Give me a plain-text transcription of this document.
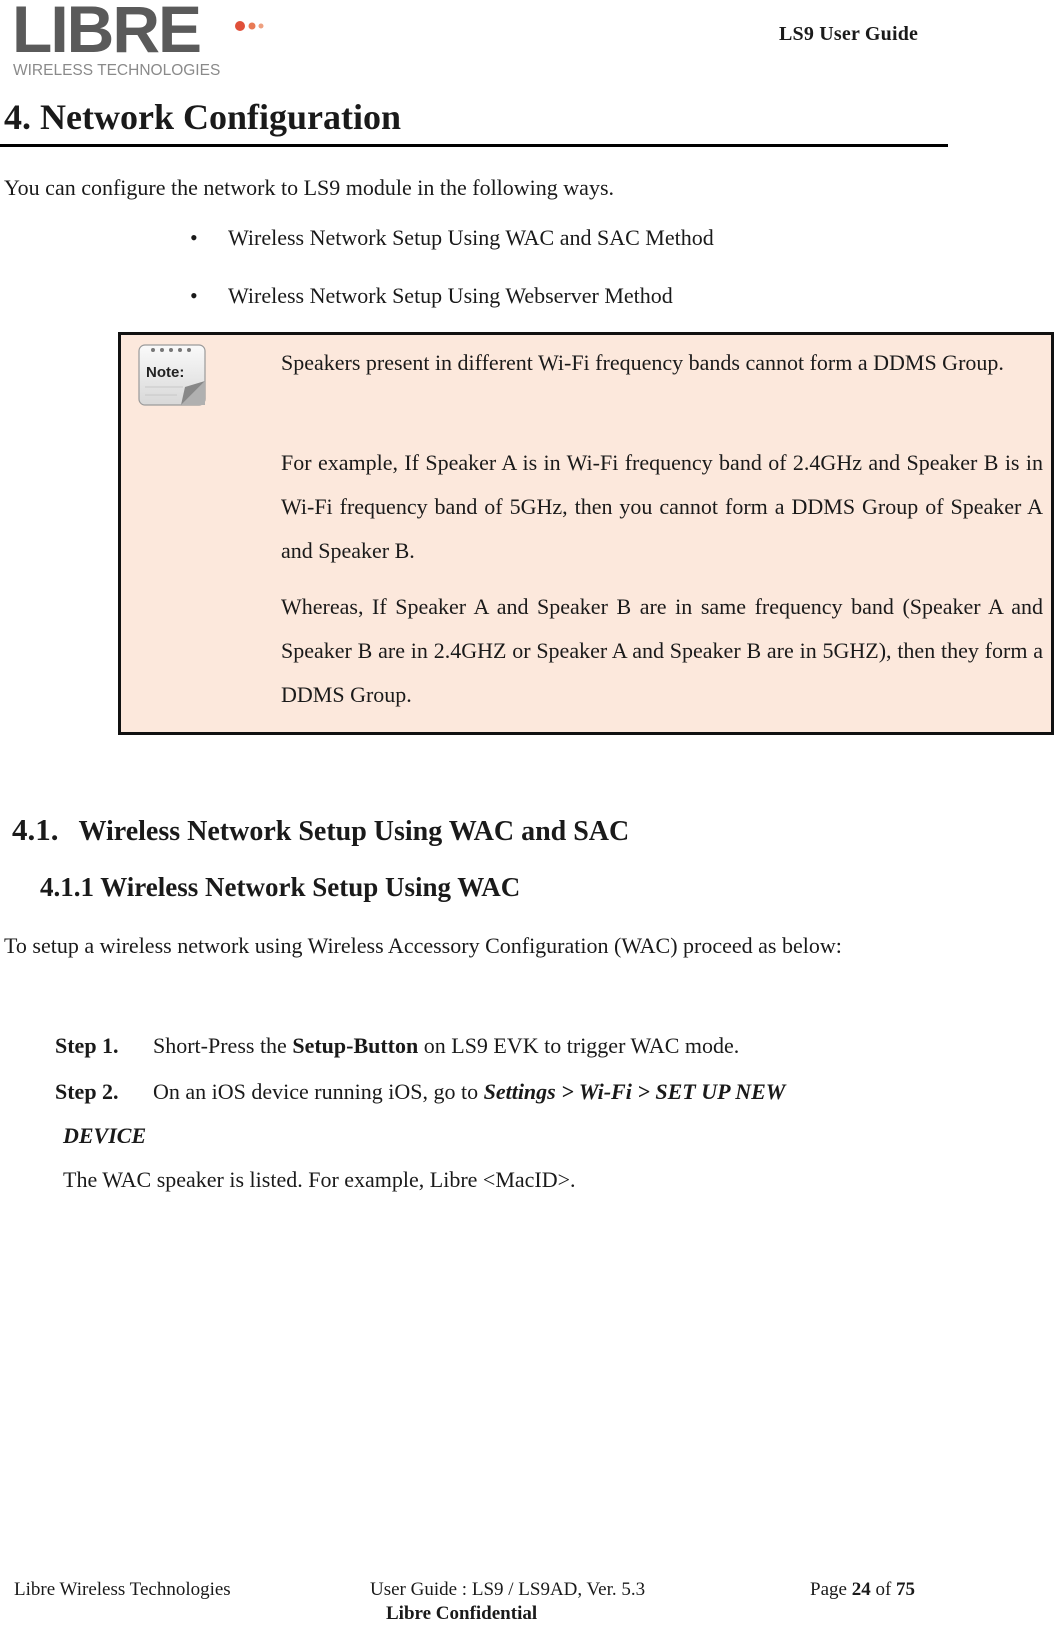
LIBRE
WIRELESS TECHNOLOGIES
LS9 User Guide
4. Network Configuration
You can configure the network to LS9 module in the following ways.
• Wireless Network Setup Using WAC and SAC Method
• Wireless Network Setup Using Webserver Method
Note:	Speakers present in different Wi-Fi frequency bands cannot form a DDMS Group.
For example, If Speaker A is in Wi-Fi frequency band of 2.4GHz and Speaker B is in Wi-Fi frequency band of 5GHz, then you cannot form a DDMS Group of Speaker A and Speaker B.
Whereas, If Speaker A and Speaker B are in same frequency band (Speaker A and Speaker B are in 2.4GHZ or Speaker A and Speaker B are in 5GHZ), then they form a DDMS Group.
4.1. Wireless Network Setup Using WAC and SAC
4.1.1 Wireless Network Setup Using WAC
To setup a wireless network using Wireless Accessory Configuration (WAC) proceed as below:
Step 1. Short-Press the Setup-Button on LS9 EVK to trigger WAC mode.
Step 2. On an iOS device running iOS, go to Settings > Wi-Fi > SET UP NEW
DEVICE
The WAC speaker is listed. For example, Libre <MacID>.
Libre Wireless Technologies	User Guide : LS9 / LS9AD, Ver. 5.3	Page 24 of 75
Libre Confidential
